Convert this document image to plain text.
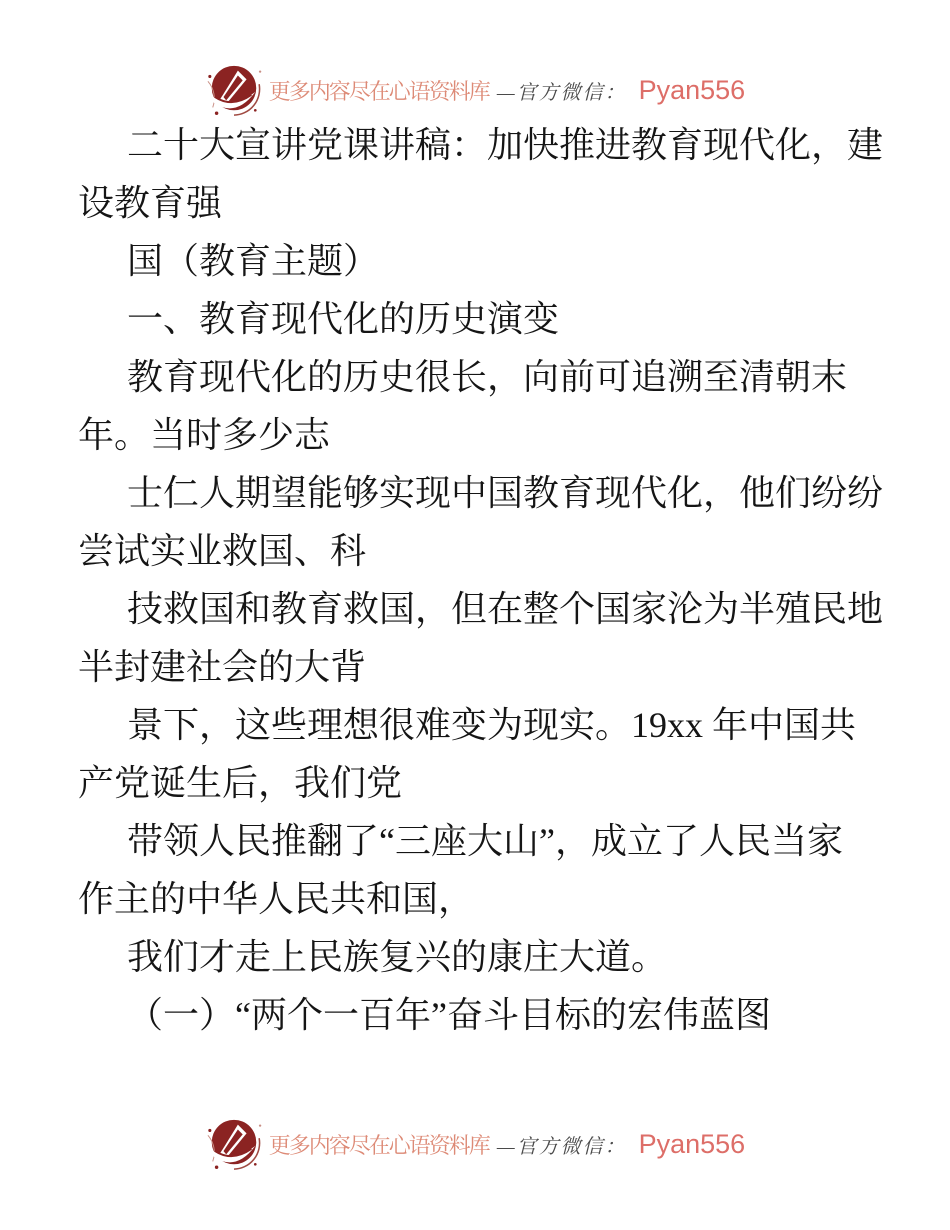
更多内容尽在心语资料库 —官方微信： Pyan556
二十大宣讲党课讲稿：加快推进教育现代化，建
设教育强
国（教育主题）
一、教育现代化的历史演变
教育现代化的历史很长，向前可追溯至清朝末
年。当时多少志
士仁人期望能够实现中国教育现代化，他们纷纷
尝试实业救国、科
技救国和教育救国，但在整个国家沦为半殖民地
半封建社会的大背
景下，这些理想很难变为现实。19xx 年中国共
产党诞生后，我们党
带领人民推翻了“三座大山”，成立了人民当家
作主的中华人民共和国，
我们才走上民族复兴的康庄大道。
（一）“两个一百年”奋斗目标的宏伟蓝图
更多内容尽在心语资料库 —官方微信： Pyan556
